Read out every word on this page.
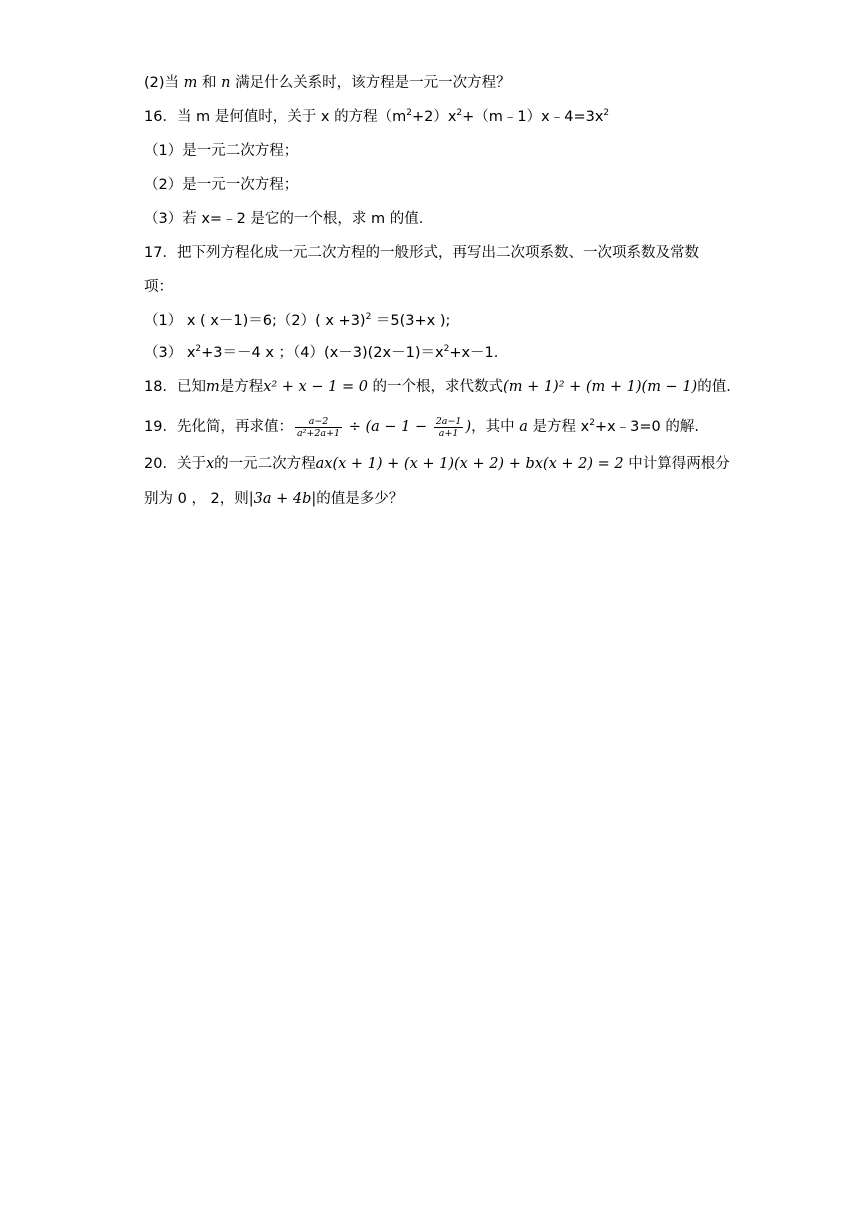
(2)当 m 和 n 满足什么关系时，该方程是一元一次方程？
16．当 m 是何值时，关于 x 的方程$(m^2+2)x^2+(m﹣1)x﹣4=3x^2$
（1）是一元二次方程；
（2）是一元一次方程；
（3）若 x=﹣2 是它的一个根，求 m 的值.
17．把下列方程化成一元二次方程的一般形式，再写出二次项系数、一次项系数及常数
项：
（1） x ( x－1)＝6;（2）( x +3)$^2$ ＝5(3+x );
（3） $x^2+3=-4$ x ；$(4)(x-3)(2x-1)=x^2+x-1$.
18．已知m是方程x² + x − 1 = 0 的一个根，求代数式(m + 1)² + (m + 1)(m − 1)的值.
19．先化简，再求值： $\frac{a-2}{\text{a²+2a+1}} \div (a - 1 - \frac{2a-1}{a+1}$ )，其中 a 是方程 $x^2+x﹣3=0$ 的解.
20．关于x的一元二次方程ax(x + 1) + (x + 1)(x + 2) + bx(x + 2) = 2 中计算得两根分
别为 0 ， 2，则|3a + 4b|的值是多少？
